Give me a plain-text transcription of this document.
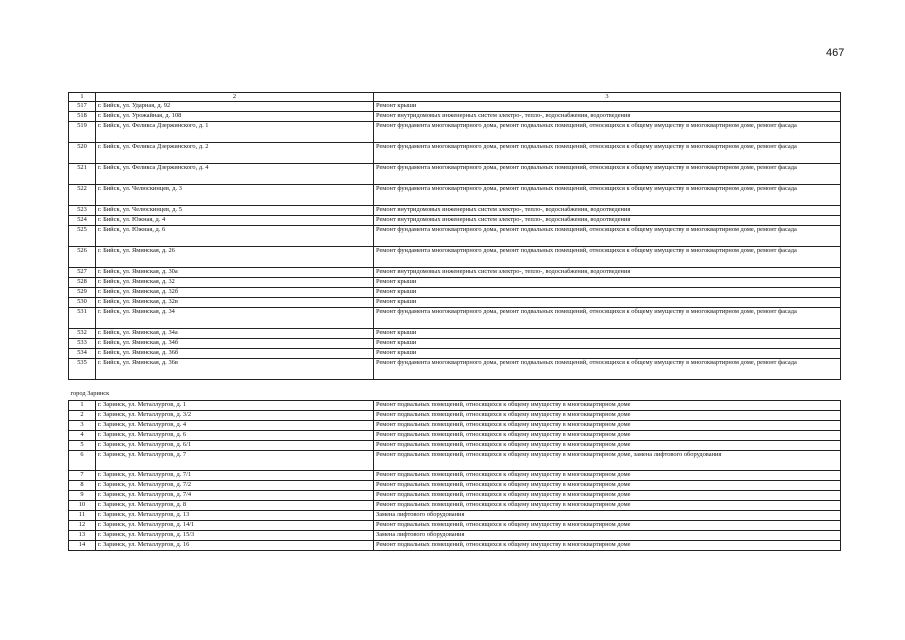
467
1	2	3
517	г. Бийск, ул. Ударная, д. 92	Ремонт крыши
518	г. Бийск, ул. Урожайная, д. 108	Ремонт внутридомовых инженерных систем электро-, тепло-, водоснабжения, водоотведения
519	г. Бийск, ул. Феликса Дзержинского, д. 1	Ремонт фундамента многоквартирного дома, ремонт подвальных помещений, относящихся к общему имуществу в многоквартирном доме, ремонт фасада
520	г. Бийск, ул. Феликса Дзержинского, д. 2	Ремонт фундамента многоквартирного дома, ремонт подвальных помещений, относящихся к общему имуществу в многоквартирном доме, ремонт фасада
521	г. Бийск, ул. Феликса Дзержинского, д. 4	Ремонт фундамента многоквартирного дома, ремонт подвальных помещений, относящихся к общему имуществу в многоквартирном доме, ремонт фасада
522	г. Бийск, ул. Челюскинцев, д. 3	Ремонт фундамента многоквартирного дома, ремонт подвальных помещений, относящихся к общему имуществу в многоквартирном доме, ремонт фасада
523	г. Бийск, ул. Челюскинцев, д. 5	Ремонт внутридомовых инженерных систем электро-, тепло-, водоснабжения, водоотведения
524	г. Бийск, ул. Южная, д. 4	Ремонт внутридомовых инженерных систем электро-, тепло-, водоснабжения, водоотведения
525	г. Бийск, ул. Южная, д. 6	Ремонт фундамента многоквартирного дома, ремонт подвальных помещений, относящихся к общему имуществу в многоквартирном доме, ремонт фасада
526	г. Бийск, ул. Яминская, д. 26	Ремонт фундамента многоквартирного дома, ремонт подвальных помещений, относящихся к общему имуществу в многоквартирном доме, ремонт фасада
527	г. Бийск, ул. Яминская, д. 30а	Ремонт внутридомовых инженерных систем электро-, тепло-, водоснабжения, водоотведения
528	г. Бийск, ул. Яминская, д. 32	Ремонт крыши
529	г. Бийск, ул. Яминская, д. 32б	Ремонт крыши
530	г. Бийск, ул. Яминская, д. 32в	Ремонт крыши
531	г. Бийск, ул. Яминская, д. 34	Ремонт фундамента многоквартирного дома, ремонт подвальных помещений, относящихся к общему имуществу в многоквартирном доме, ремонт фасада
532	г. Бийск, ул. Яминская, д. 34а	Ремонт крыши
533	г. Бийск, ул. Яминская, д. 34б	Ремонт крыши
534	г. Бийск, ул. Яминская, д. 36б	Ремонт крыши
535	г. Бийск, ул. Яминская, д. 36в	Ремонт фундамента многоквартирного дома, ремонт подвальных помещений, относящихся к общему имуществу в многоквартирном доме, ремонт фасада
город Заринск		
1	г. Заринск, ул. Металлургов, д. 1	Ремонт подвальных помещений, относящихся к общему имуществу в многоквартирном доме
2	г. Заринск, ул. Металлургов, д. 3/2	Ремонт подвальных помещений, относящихся к общему имуществу в многоквартирном доме
3	г. Заринск, ул. Металлургов, д. 4	Ремонт подвальных помещений, относящихся к общему имуществу в многоквартирном доме
4	г. Заринск, ул. Металлургов, д. 6	Ремонт подвальных помещений, относящихся к общему имуществу в многоквартирном доме
5	г. Заринск, ул. Металлургов, д. 6/1	Ремонт подвальных помещений, относящихся к общему имуществу в многоквартирном доме
6	г. Заринск, ул. Металлургов, д. 7	Ремонт подвальных помещений, относящихся к общему имуществу в многоквартирном доме, замена лифтового оборудования
7	г. Заринск, ул. Металлургов, д. 7/1	Ремонт подвальных помещений, относящихся к общему имуществу в многоквартирном доме
8	г. Заринск, ул. Металлургов, д. 7/2	Ремонт подвальных помещений, относящихся к общему имуществу в многоквартирном доме
9	г. Заринск, ул. Металлургов, д. 7/4	Ремонт подвальных помещений, относящихся к общему имуществу в многоквартирном доме
10	г. Заринск, ул. Металлургов, д. 8	Ремонт подвальных помещений, относящихся к общему имуществу в многоквартирном доме
11	г. Заринск, ул. Металлургов, д. 13	Замена лифтового оборудования
12	г. Заринск, ул. Металлургов, д. 14/1	Ремонт подвальных помещений, относящихся к общему имуществу в многоквартирном доме
13	г. Заринск, ул. Металлургов, д. 15/3	Замена лифтового оборудования
14	г. Заринск, ул. Металлургов, д. 16	Ремонт подвальных помещений, относящихся к общему имуществу в многоквартирном доме
